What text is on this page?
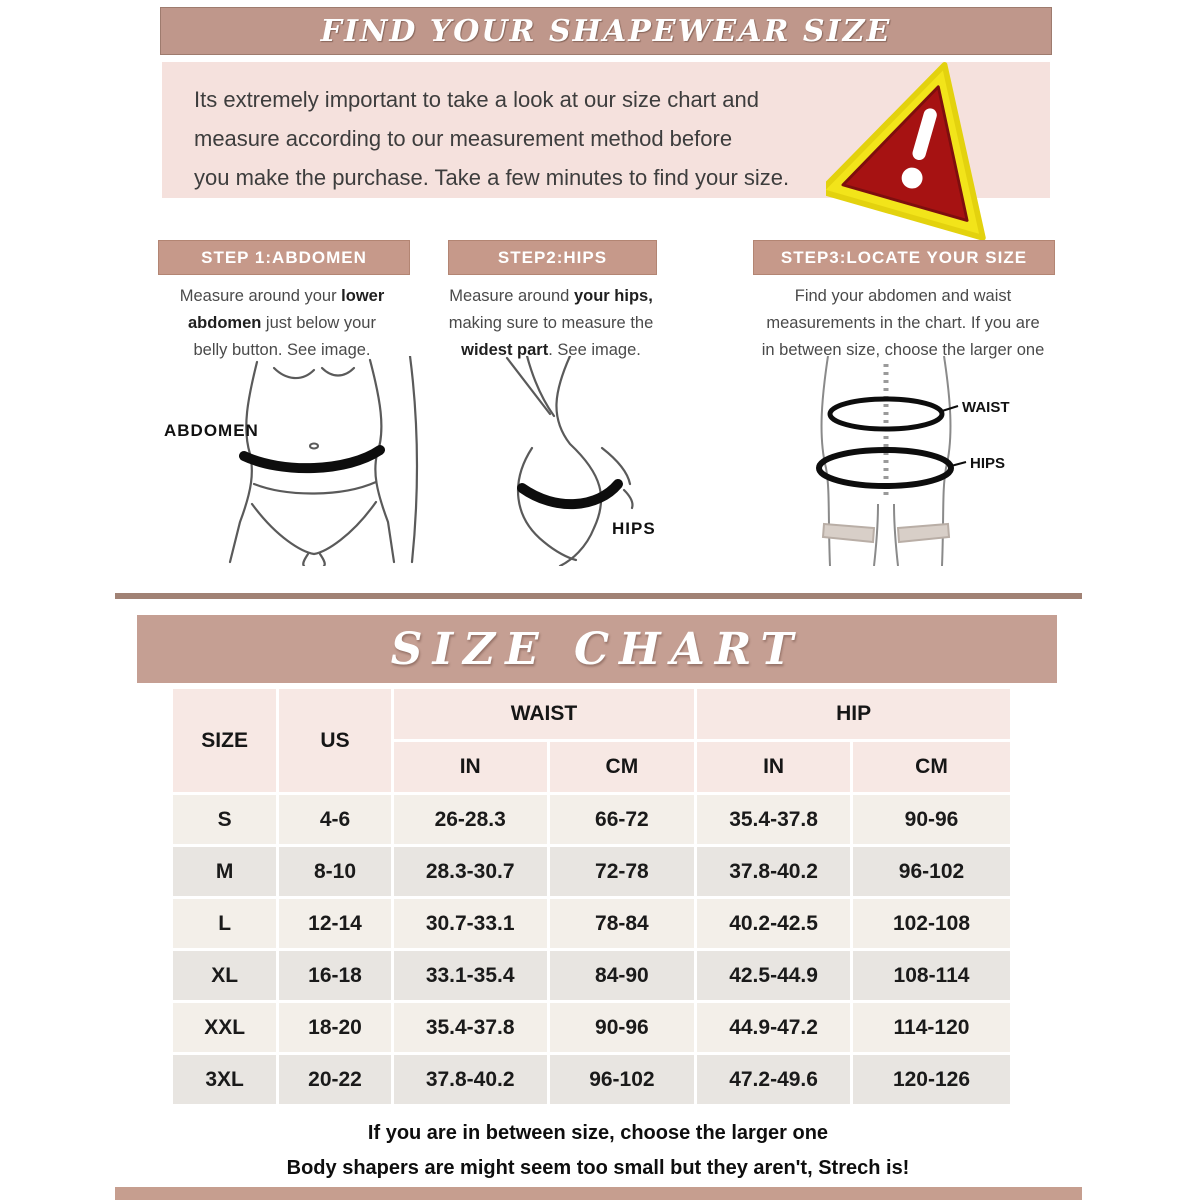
FIND YOUR SHAPEWEAR SIZE
Its extremely important to take a look at our size chart and
measure according to our measurement method before
you make the purchase. Take a few minutes to find your size.
STEP 1:ABDOMEN
Measure around your lower
abdomen just below your
belly button. See image.
STEP2:HIPS
Measure around your hips,
making sure to measure the
widest part. See image.
STEP3:LOCATE YOUR SIZE
Find your abdomen and waist
measurements in the chart. If you are
in between size, choose the larger one
ABDOMEN
HIPS
WAIST
HIPS
SIZE CHART
SIZE	US	WAIST		HIP	
		IN	CM	IN	CM
S	4-6	26-28.3	66-72	35.4-37.8	90-96
M	8-10	28.3-30.7	72-78	37.8-40.2	96-102
L	12-14	30.7-33.1	78-84	40.2-42.5	102-108
XL	16-18	33.1-35.4	84-90	42.5-44.9	108-114
XXL	18-20	35.4-37.8	90-96	44.9-47.2	114-120
3XL	20-22	37.8-40.2	96-102	47.2-49.6	120-126
If you are in between size, choose the larger one
Body shapers are might seem too small but they aren't, Strech is!
